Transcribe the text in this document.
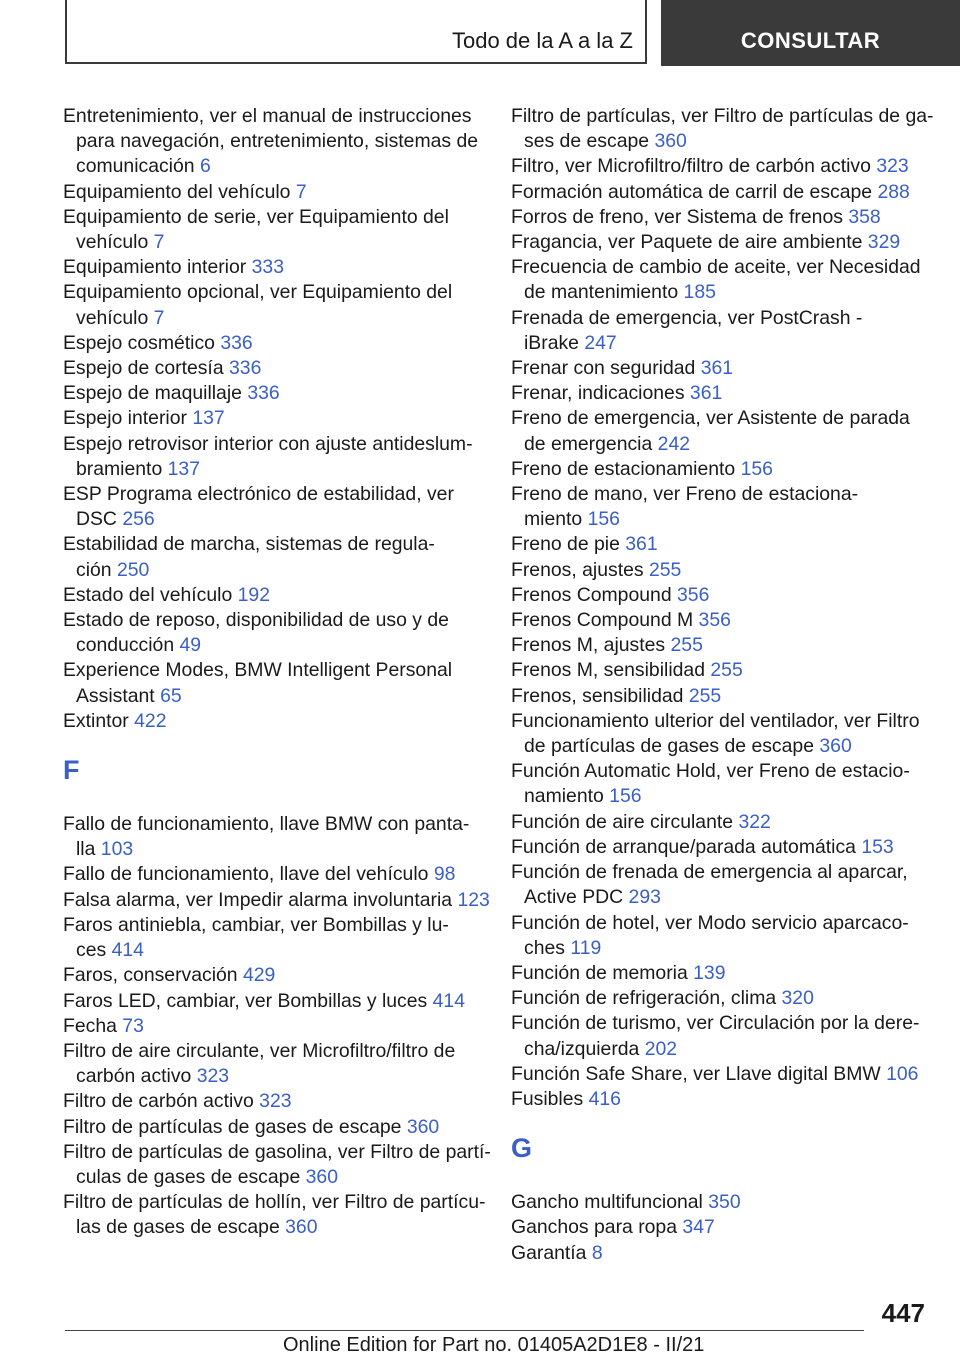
Todo de la A a la Z	CONSULTAR

Entretenimiento, ver el manual de instrucciones
para navegación, entretenimiento, sistemas de
comunicación 6

Equipamiento del vehículo 7

Equipamiento de serie, ver Equipamiento del
vehículo 7

Equipamiento interior 333

Equipamiento opcional, ver Equipamiento del
vehículo 7

Espejo cosmético 336

Espejo de cortesía 336

Espejo de maquillaje 336

Espejo interior 137

Espejo retrovisor interior con ajuste antideslum-
bramiento 137

ESP Programa electrónico de estabilidad, ver
DSC 256

Estabilidad de marcha, sistemas de regula-
ción 250

Estado del vehículo 192

Estado de reposo, disponibilidad de uso y de
conducción 49

Experience Modes, BMW Intelligent Personal
Assistant 65

Extintor 422

F

Fallo de funcionamiento, llave BMW con panta-
lla 103

Fallo de funcionamiento, llave del vehículo 98

Falsa alarma, ver Impedir alarma involuntaria 123

Faros antiniebla, cambiar, ver Bombillas y lu-
ces 414

Faros, conservación 429

Faros LED, cambiar, ver Bombillas y luces 414

Fecha 73

Filtro de aire circulante, ver Microfiltro/filtro de
carbón activo 323

Filtro de carbón activo 323

Filtro de partículas de gases de escape 360

Filtro de partículas de gasolina, ver Filtro de partí-
culas de gases de escape 360

Filtro de partículas de hollín, ver Filtro de partícu-
las de gases de escape 360

Filtro de partículas, ver Filtro de partículas de ga-
ses de escape 360

Filtro, ver Microfiltro/filtro de carbón activo 323

Formación automática de carril de escape 288

Forros de freno, ver Sistema de frenos 358

Fragancia, ver Paquete de aire ambiente 329

Frecuencia de cambio de aceite, ver Necesidad
de mantenimiento 185

Frenada de emergencia, ver PostCrash -
iBrake 247

Frenar con seguridad 361

Frenar, indicaciones 361

Freno de emergencia, ver Asistente de parada
de emergencia 242

Freno de estacionamiento 156

Freno de mano, ver Freno de estaciona-
miento 156

Freno de pie 361

Frenos, ajustes 255

Frenos Compound 356

Frenos Compound M 356

Frenos M, ajustes 255

Frenos M, sensibilidad 255

Frenos, sensibilidad 255

Funcionamiento ulterior del ventilador, ver Filtro
de partículas de gases de escape 360

Función Automatic Hold, ver Freno de estacio-
namiento 156

Función de aire circulante 322

Función de arranque/parada automática 153

Función de frenada de emergencia al aparcar,
Active PDC 293

Función de hotel, ver Modo servicio aparcaco-
ches 119

Función de memoria 139

Función de refrigeración, clima 320

Función de turismo, ver Circulación por la dere-
cha/izquierda 202

Función Safe Share, ver Llave digital BMW 106

Fusibles 416

G

Gancho multifuncional 350

Ganchos para ropa 347

Garantía 8

447
Online Edition for Part no. 01405A2D1E8 - II/21
